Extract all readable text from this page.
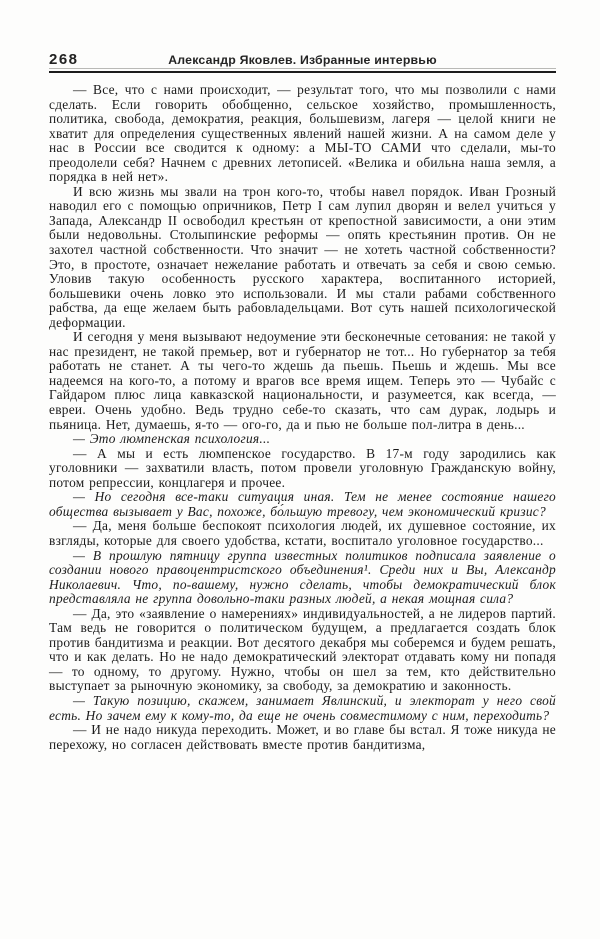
268	Александр Яковлев. Избранные интервью

— Все, что с нами происходит, — результат того, что мы позволили с нами сделать. Если говорить обобщенно, сельское хозяйство, промышленность, политика, свобода, демократия, реакция, большевизм, лагеря — целой книги не хватит для определения существенных явлений нашей жизни. А на самом деле у нас в России все сводится к одному: а МЫ-ТО САМИ что сделали, мы-то преодолели себя? Начнем с древних летописей. «Велика и обильна наша земля, а порядка в ней нет».

И всю жизнь мы звали на трон кого-то, чтобы навел порядок. Иван Грозный наводил его с помощью опричников, Петр I сам лупил дворян и велел учиться у Запада, Александр II освободил крестьян от крепостной зависимости, а они этим были недовольны. Столыпинские реформы — опять крестьянин против. Он не захотел частной собственности. Что значит — не хотеть частной собственности? Это, в простоте, означает нежелание работать и отвечать за себя и свою семью. Уловив такую особенность русского характера, воспитанного историей, большевики очень ловко это использовали. И мы стали рабами собственного рабства, да еще желаем быть рабовладельцами. Вот суть нашей психологической деформации.

И сегодня у меня вызывают недоумение эти бесконечные сетования: не такой у нас президент, не такой премьер, вот и губернатор не тот... Но губернатор за тебя работать не станет. А ты чего-то ждешь да пьешь. Пьешь и ждешь. Мы все надеемся на кого-то, а потому и врагов все время ищем. Теперь это — Чубайс с Гайдаром плюс лица кавказской национальности, и разумеется, как всегда, — евреи. Очень удобно. Ведь трудно себе-то сказать, что сам дурак, лодырь и пьяница. Нет, думаешь, я-то — ого-го, да и пью не больше пол-литра в день...

— Это люмпенская психология...

— А мы и есть люмпенское государство. В 17-м году зародились как уголовники — захватили власть, потом провели уголовную Гражданскую войну, потом репрессии, концлагеря и прочее.

— Но сегодня все-таки ситуация иная. Тем не менее состояние нашего общества вызывает у Вас, похоже, бо́льшую тревогу, чем экономический кризис?

— Да, меня больше беспокоят психология людей, их душевное состояние, их взгляды, которые для своего удобства, кстати, воспитало уголовное государство...

— В прошлую пятницу группа известных политиков подписала заявление о создании нового правоцентристского объединения¹. Среди них и Вы, Александр Николаевич. Что, по-вашему, нужно сделать, чтобы демократический блок представляла не группа довольно-таки разных людей, а некая мощная сила?

— Да, это «заявление о намерениях» индивидуальностей, а не лидеров партий. Там ведь не говорится о политическом будущем, а предлагается создать блок против бандитизма и реакции. Вот десятого декабря мы соберемся и будем решать, что и как делать. Но не надо демократический электорат отдавать кому ни попадя — то одному, то другому. Нужно, чтобы он шел за тем, кто действительно выступает за рыночную экономику, за свободу, за демократию и законность.

— Такую позицию, скажем, занимает Явлинский, и электорат у него свой есть. Но зачем ему к кому-то, да еще не очень совместимому с ним, переходить?

— И не надо никуда переходить. Может, и во главе бы встал. Я тоже никуда не перехожу, но согласен действовать вместе против бандитизма,
